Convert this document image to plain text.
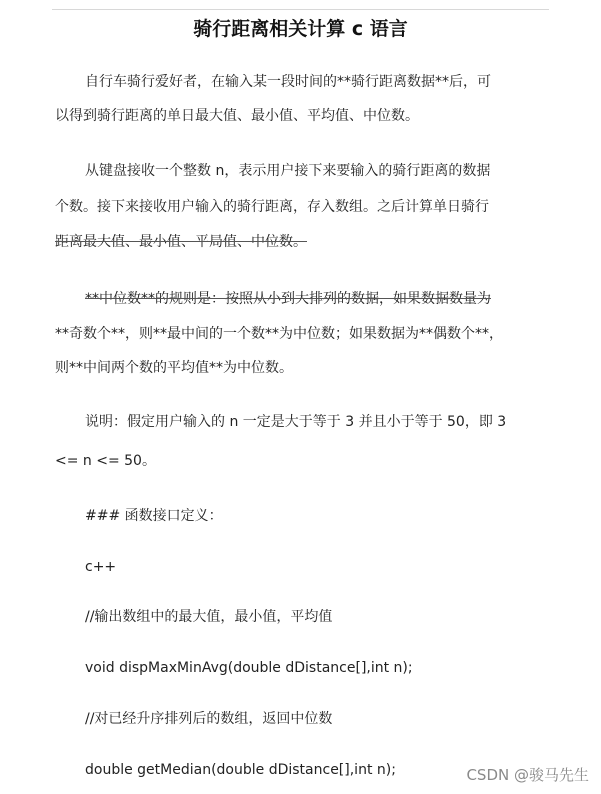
骑行距离相关计算 c 语言
自行车骑行爱好者，在输入某一段时间的**骑行距离数据**后，可
以得到骑行距离的单日最大值、最小值、平均值、中位数。
从键盘接收一个整数 n，表示用户接下来要输入的骑行距离的数据
个数。接下来接收用户输入的骑行距离，存入数组。之后计算单日骑行
距离最大值、最小值、平局值、中位数。
**中位数**的规则是：按照从小到大排列的数据，如果数据数量为
**奇数个**，则**最中间的一个数**为中位数；如果数据为**偶数个**，
则**中间两个数的平均值**为中位数。
说明：假定用户输入的 n 一定是大于等于 3 并且小于等于 50，即 3
<= n <= 50。
### 函数接口定义：
c++
//输出数组中的最大值，最小值，平均值
void dispMaxMinAvg(double dDistance[],int n);
//对已经升序排列后的数组，返回中位数
double getMedian(double dDistance[],int n);	CSDN @骏马先生
